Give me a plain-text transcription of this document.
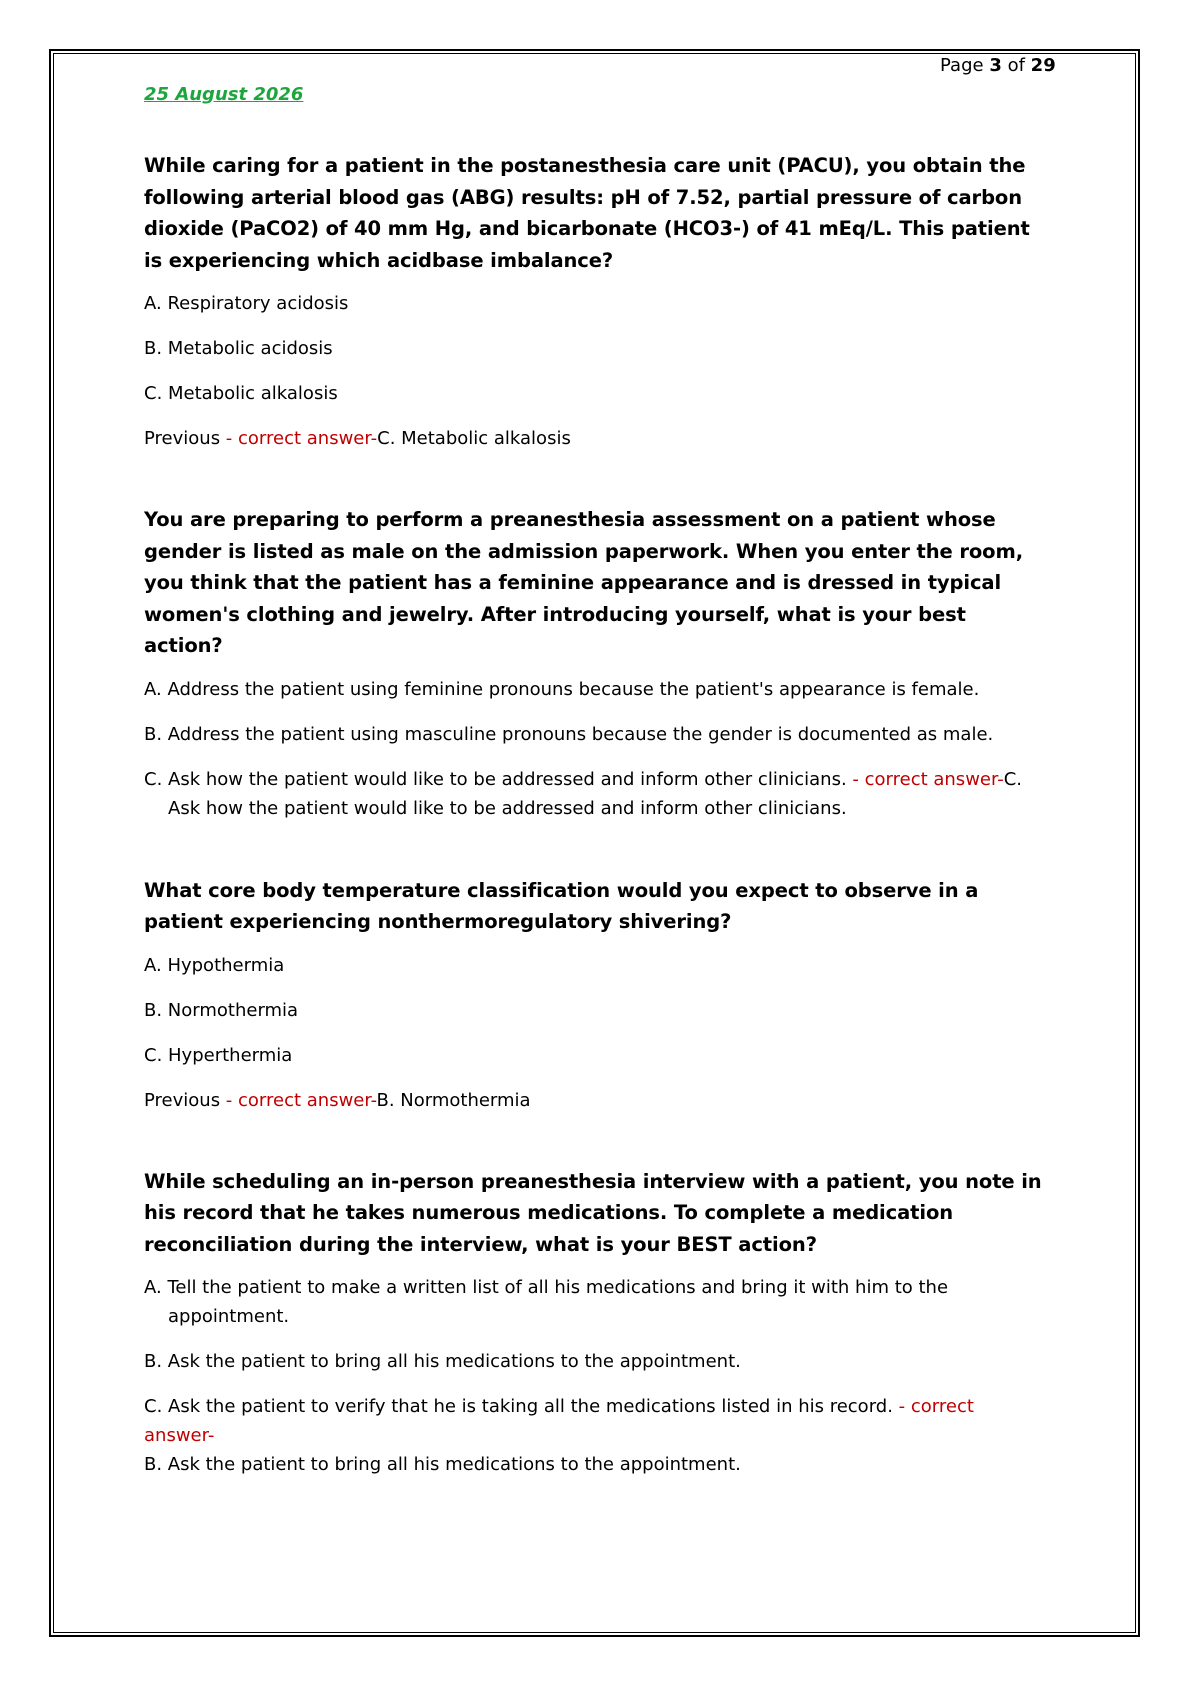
Page 3 of 29
25 August 2026

While caring for a patient in the postanesthesia care unit (PACU), you obtain the following arterial blood gas (ABG) results: pH of 7.52, partial pressure of carbon dioxide (PaCO2) of 40 mm Hg, and bicarbonate (HCO3-) of 41 mEq/L. This patient is experiencing which acidbase imbalance?

A. Respiratory acidosis

B. Metabolic acidosis

C. Metabolic alkalosis

Previous - correct answer-C. Metabolic alkalosis

You are preparing to perform a preanesthesia assessment on a patient whose gender is listed as male on the admission paperwork. When you enter the room, you think that the patient has a feminine appearance and is dressed in typical women's clothing and jewelry. After introducing yourself, what is your best action?

A. Address the patient using feminine pronouns because the patient's appearance is female.

B. Address the patient using masculine pronouns because the gender is documented as male.

C. Ask how the patient would like to be addressed and inform other clinicians. - correct answer-C. Ask how the patient would like to be addressed and inform other clinicians.

What core body temperature classification would you expect to observe in a patient experiencing nonthermoregulatory shivering?

A. Hypothermia

B. Normothermia

C. Hyperthermia

Previous - correct answer-B. Normothermia

While scheduling an in-person preanesthesia interview with a patient, you note in his record that he takes numerous medications. To complete a medication reconciliation during the interview, what is your BEST action?

A. Tell the patient to make a written list of all his medications and bring it with him to the appointment.

B. Ask the patient to bring all his medications to the appointment.

C. Ask the patient to verify that he is taking all the medications listed in his record. - correct answer-
B. Ask the patient to bring all his medications to the appointment.
